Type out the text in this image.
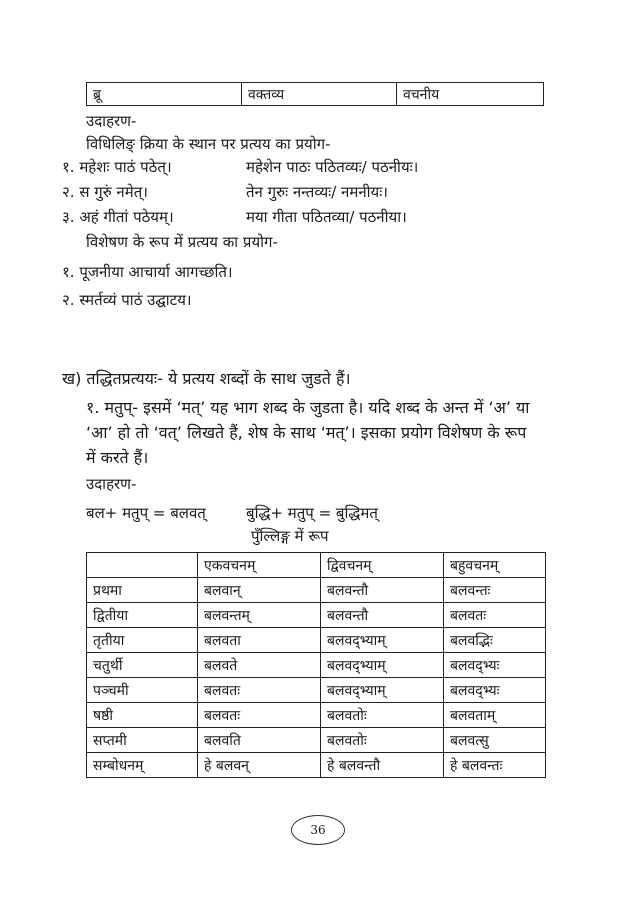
ब्रू	वक्तव्य	वचनीय
उदाहरण-
विधिलिङ् क्रिया के स्थान पर प्रत्यय का प्रयोग-
१. महेशः पाठं पठेत्।	महेशेन पाठः पठितव्यः/ पठनीयः।
२. स गुरुं नमेत्।	तेन गुरुः नन्तव्यः/ नमनीयः।
३. अहं गीतां पठेयम्।	मया गीता पठितव्या/ पठनीया।
विशेषण के रूप में प्रत्यय का प्रयोग-
१. पूजनीया आचार्या आगच्छति।
२. स्मर्तव्यं पाठं उद्घाटय।
ख) तद्धितप्रत्ययः- ये प्रत्यय शब्दों के साथ जुडते हैं।
१. मतुप्- इसमें ‘मत्’ यह भाग शब्द के जुडता है। यदि शब्द के अन्त में ‘अ’ या
‘आ’ हो तो ‘वत्’ लिखते हैं, शेष के साथ ‘मत्’। इसका प्रयोग विशेषण के रूप
में करते हैं।
उदाहरण-
बल+ मतुप् = बलवत्	बुद्धि+ मतुप् = बुद्धिमत्
पुँल्लिङ्ग में रूप
	एकवचनम्	द्विवचनम्	बहुवचनम्
प्रथमा	बलवान्	बलवन्तौ	बलवन्तः
द्वितीया	बलवन्तम्	बलवन्तौ	बलवतः
तृतीया	बलवता	बलवद्भ्याम्	बलवद्भिः
चतुर्थी	बलवते	बलवद्भ्याम्	बलवद्भ्यः
पञ्चमी	बलवतः	बलवद्भ्याम्	बलवद्भ्यः
षष्ठी	बलवतः	बलवतोः	बलवताम्
सप्तमी	बलवति	बलवतोः	बलवत्सु
सम्बोधनम्	हे बलवन्	हे बलवन्तौ	हे बलवन्तः
36
